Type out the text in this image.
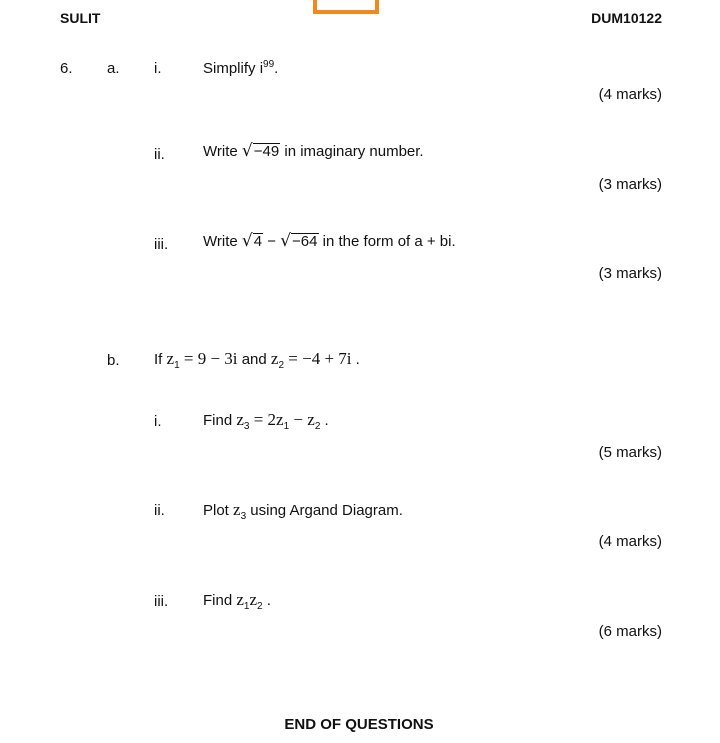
SULIT	DUM10122
6. a. i.	Simplify $i^{99}$.
(4 marks)
ii.	Write √ −49 in imaginary number.
(3 marks)
iii. Write √ 4 − √ −64 in the form of a + bi.
(3 marks)
b. If $z_1 = 9 - 3i$ and $z_2 = -4 + 7i$ .
i.	Find $z_3 = 2z_1 - z_2$ .
(5 marks)
ii.	Plot $z_3$ using Argand Diagram.
(4 marks)
iii. Find $z_1z_2$ .
(6 marks)
END OF QUESTIONS
